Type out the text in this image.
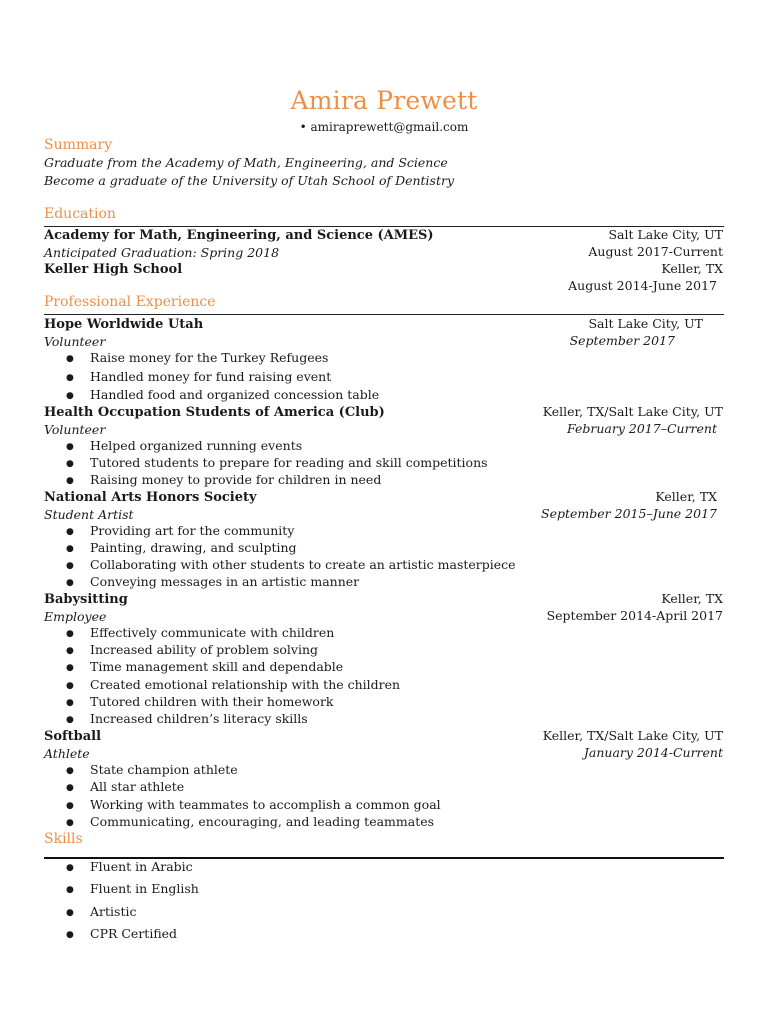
Amira Prewett
• amiraprewett@gmail.com
Summary
Graduate from the Academy of Math, Engineering, and Science
Become a graduate of the University of Utah School of Dentistry
Education
Academy for Math, Engineering, and Science (AMES)	Salt Lake City, UT
Anticipated Graduation: Spring 2018	August 2017-Current
Keller High School	Keller, TX
August 2014-June 2017
Professional Experience
Hope Worldwide Utah	Salt Lake City, UT
Volunteer	September 2017
● Raise money for the Turkey Refugees
● Handled money for fund raising event
● Handled food and organized concession table
Health Occupation Students of America (Club)	Keller, TX/Salt Lake City, UT
Volunteer	February 2017–Current
● Helped organized running events
● Tutored students to prepare for reading and skill competitions
● Raising money to provide for children in need
National Arts Honors Society	Keller, TX
Student Artist	September 2015–June 2017
● Providing art for the community
● Painting, drawing, and sculpting
● Collaborating with other students to create an artistic masterpiece
● Conveying messages in an artistic manner
Babysitting	Keller, TX
Employee	September 2014-April 2017
● Effectively communicate with children
● Increased ability of problem solving
● Time management skill and dependable
● Created emotional relationship with the children
● Tutored children with their homework
● Increased children’s literacy skills
Softball	Keller, TX/Salt Lake City, UT
Athlete	January 2014-Current
● State champion athlete
● All star athlete
● Working with teammates to accomplish a common goal
● Communicating, encouraging, and leading teammates
Skills
● Fluent in Arabic
● Fluent in English
● Artistic
● CPR Certified
